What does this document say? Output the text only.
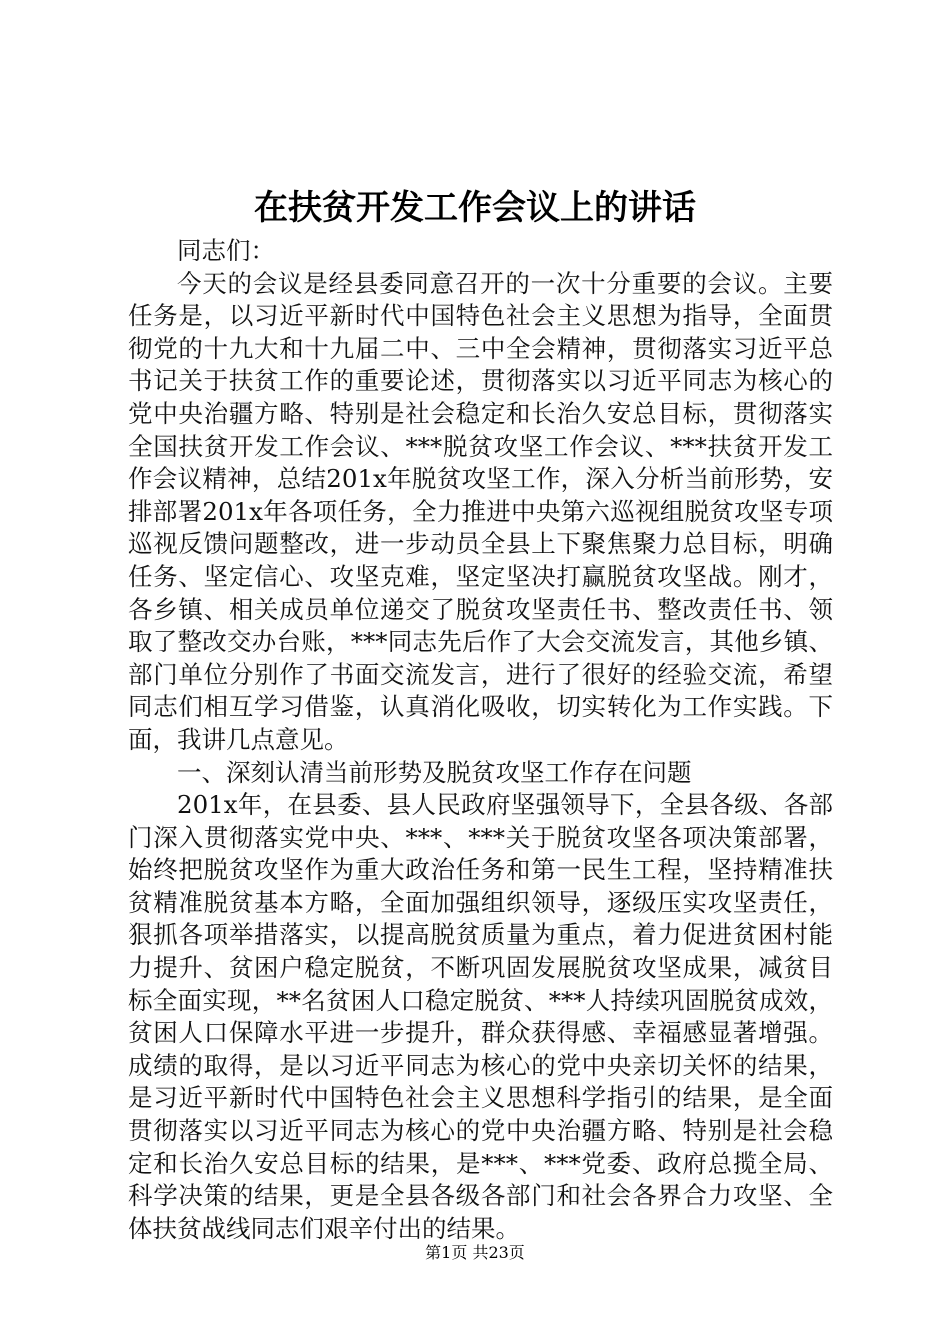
在扶贫开发工作会议上的讲话

同志们：

今天的会议是经县委同意召开的一次十分重要的会议。主要任务是，以习近平新时代中国特色社会主义思想为指导，全面贯彻党的十九大和十九届二中、三中全会精神，贯彻落实习近平总书记关于扶贫工作的重要论述，贯彻落实以习近平同志为核心的党中央治疆方略、特别是社会稳定和长治久安总目标，贯彻落实全国扶贫开发工作会议、***脱贫攻坚工作会议、***扶贫开发工作会议精神，总结201x年脱贫攻坚工作，深入分析当前形势，安排部署201x年各项任务，全力推进中央第六巡视组脱贫攻坚专项巡视反馈问题整改，进一步动员全县上下聚焦聚力总目标，明确任务、坚定信心、攻坚克难，坚定坚决打赢脱贫攻坚战。刚才，各乡镇、相关成员单位递交了脱贫攻坚责任书、整改责任书、领取了整改交办台账，***同志先后作了大会交流发言，其他乡镇、部门单位分别作了书面交流发言，进行了很好的经验交流，希望同志们相互学习借鉴，认真消化吸收，切实转化为工作实践。下面，我讲几点意见。

一、深刻认清当前形势及脱贫攻坚工作存在问题

201x年，在县委、县人民政府坚强领导下，全县各级、各部门深入贯彻落实党中央、***、***关于脱贫攻坚各项决策部署，始终把脱贫攻坚作为重大政治任务和第一民生工程，坚持精准扶贫精准脱贫基本方略，全面加强组织领导，逐级压实攻坚责任，狠抓各项举措落实，以提高脱贫质量为重点，着力促进贫困村能力提升、贫困户稳定脱贫，不断巩固发展脱贫攻坚成果，减贫目标全面实现，**名贫困人口稳定脱贫、***人持续巩固脱贫成效，贫困人口保障水平进一步提升，群众获得感、幸福感显著增强。成绩的取得，是以习近平同志为核心的党中央亲切关怀的结果，是习近平新时代中国特色社会主义思想科学指引的结果，是全面贯彻落实以习近平同志为核心的党中央治疆方略、特别是社会稳定和长治久安总目标的结果，是***、***党委、政府总揽全局、科学决策的结果，更是全县各级各部门和社会各界合力攻坚、全体扶贫战线同志们艰辛付出的结果。

第1页 共23页
